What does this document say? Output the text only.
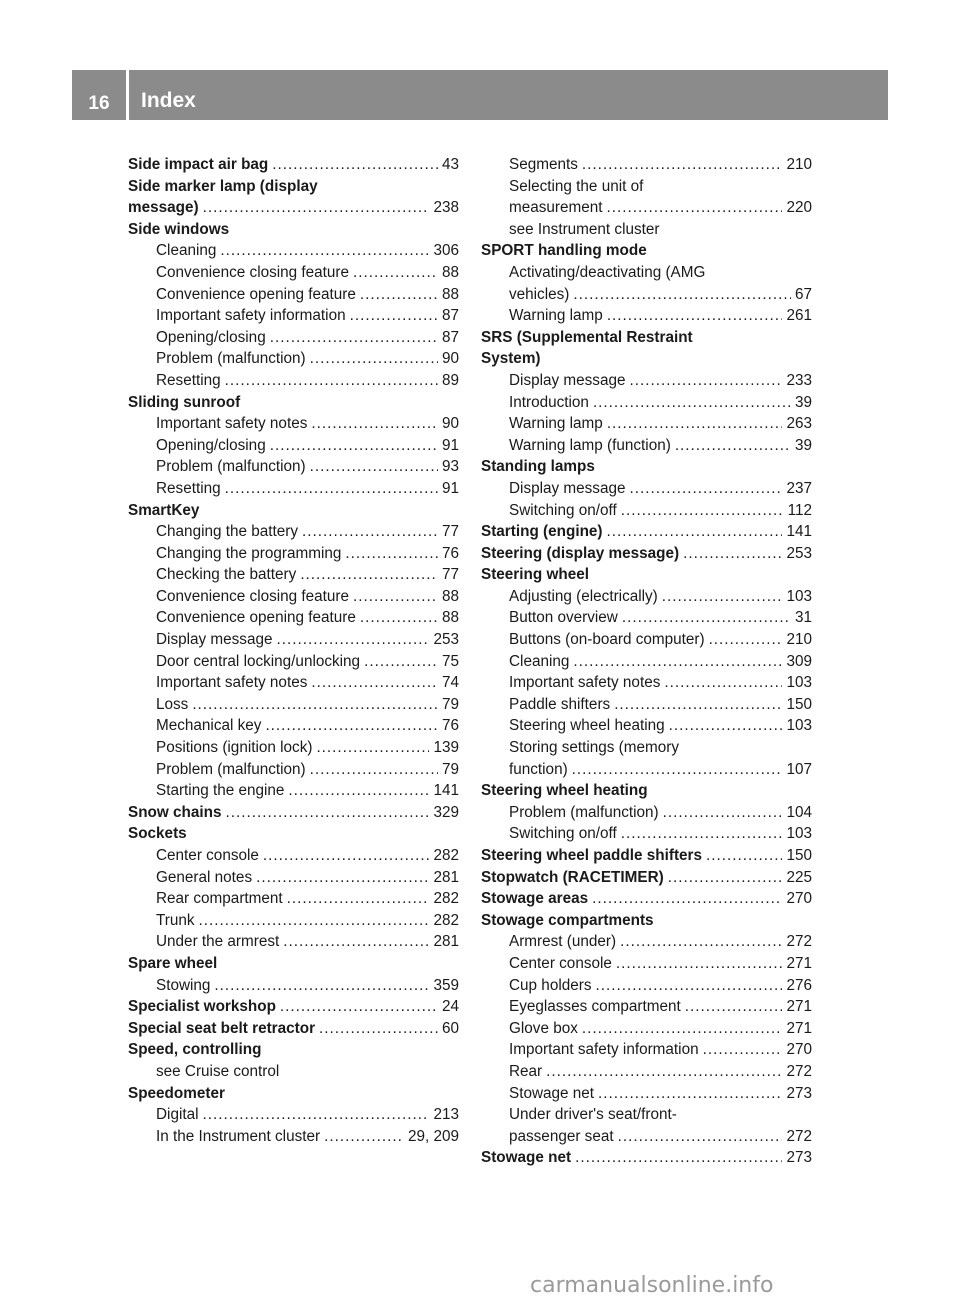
16	Index
Side impact air bag .....	43
Side marker lamp (display
message) .....	238
Side windows
Cleaning .....	306
Convenience closing feature .....	88
Convenience opening feature .....	88
Important safety information .....	87
Opening/closing .....	87
Problem (malfunction) .....	90
Resetting .....	89
Sliding sunroof
Important safety notes .....	90
Opening/closing .....	91
Problem (malfunction) .....	93
Resetting .....	91
SmartKey
Changing the battery .....	77
Changing the programming .....	76
Checking the battery .....	77
Convenience closing feature .....	88
Convenience opening feature .....	88
Display message .....	253
Door central locking/unlocking .....	75
Important safety notes .....	74
Loss .....	79
Mechanical key .....	76
Positions (ignition lock) .....	139
Problem (malfunction) .....	79
Starting the engine .....	141
Snow chains .....	329
Sockets
Center console .....	282
General notes .....	281
Rear compartment .....	282
Trunk .....	282
Under the armrest .....	281
Spare wheel
Stowing .....	359
Specialist workshop .....	24
Special seat belt retractor .....	60
Speed, controlling
see Cruise control
Speedometer
Digital .....	213
In the Instrument cluster .....	29, 209
Segments .....	210
Selecting the unit of
measurement .....	220
see Instrument cluster
SPORT handling mode
Activating/deactivating (AMG
vehicles) .....	67
Warning lamp .....	261
SRS (Supplemental Restraint
System)
Display message .....	233
Introduction .....	39
Warning lamp .....	263
Warning lamp (function) .....	39
Standing lamps
Display message .....	237
Switching on/off .....	112
Starting (engine) .....	141
Steering (display message) .....	253
Steering wheel
Adjusting (electrically) .....	103
Button overview .....	31
Buttons (on-board computer) .....	210
Cleaning .....	309
Important safety notes .....	103
Paddle shifters .....	150
Steering wheel heating .....	103
Storing settings (memory
function) .....	107
Steering wheel heating
Problem (malfunction) .....	104
Switching on/off .....	103
Steering wheel paddle shifters .....	150
Stopwatch (RACETIMER) .....	225
Stowage areas .....	270
Stowage compartments
Armrest (under) .....	272
Center console .....	271
Cup holders .....	276
Eyeglasses compartment .....	271
Glove box .....	271
Important safety information .....	270
Rear .....	272
Stowage net .....	273
Under driver's seat/front-
passenger seat .....	272
Stowage net .....	273
carmanualsonline.info
